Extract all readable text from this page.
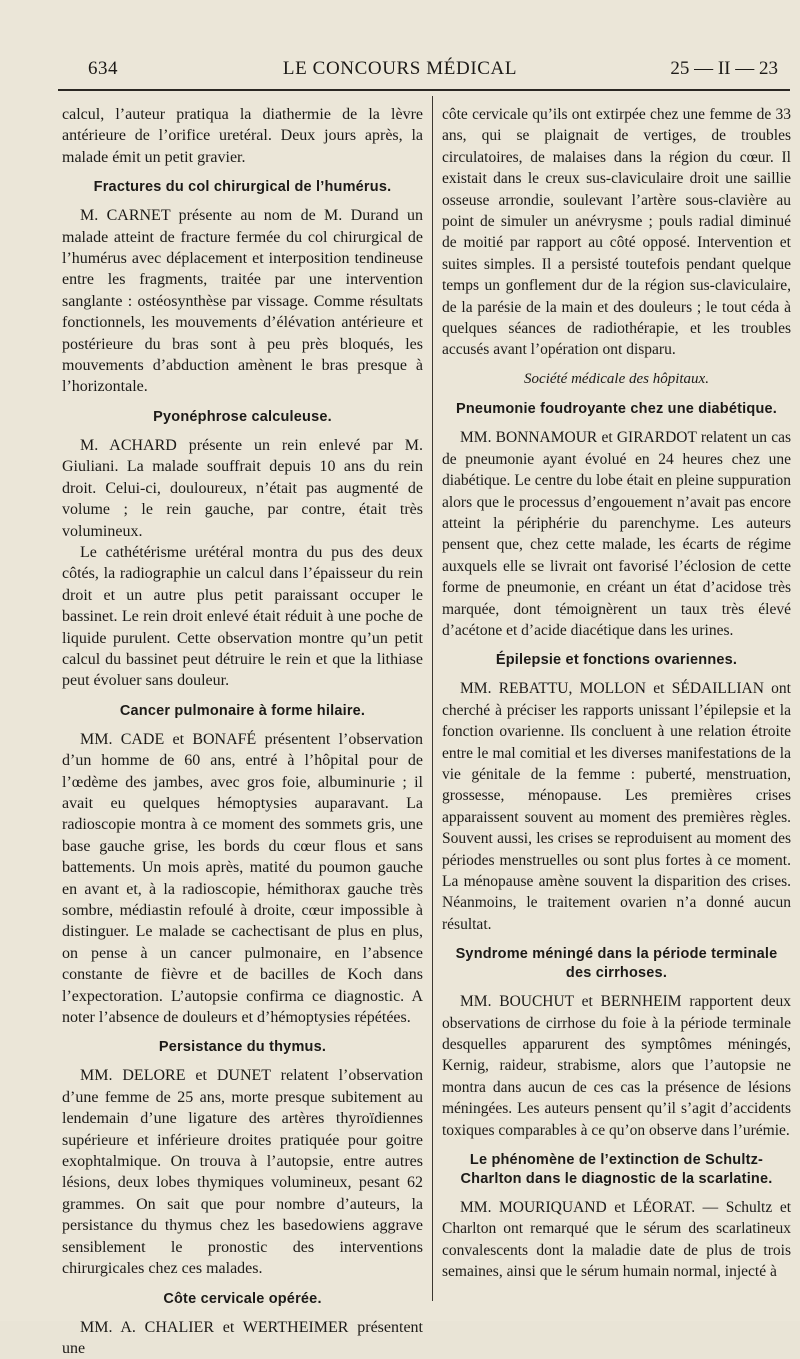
634	LE CONCOURS MÉDICAL	25 — II — 23

calcul, l’auteur pratiqua la diathermie de la lèvre antérieure de l’orifice uretéral. Deux jours après, la malade émit un petit gravier.

Fractures du col chirurgical de l’humérus.

M. CARNET présente au nom de M. Durand un malade atteint de fracture fermée du col chirurgical de l’humérus avec déplacement et interposition tendineuse entre les fragments, traitée par une intervention sanglante : ostéosynthèse par vissage. Comme résultats fonctionnels, les mouvements d’élévation antérieure et postérieure du bras sont à peu près bloqués, les mouvements d’abduction amènent le bras presque à l’horizontale.

Pyonéphrose calculeuse.

M. ACHARD présente un rein enlevé par M. Giuliani. La malade souffrait depuis 10 ans du rein droit. Celui-ci, douloureux, n’était pas augmenté de volume ; le rein gauche, par contre, était très volumineux.

Le cathétérisme urétéral montra du pus des deux côtés, la radiographie un calcul dans l’épaisseur du rein droit et un autre plus petit paraissant occuper le bassinet. Le rein droit enlevé était réduit à une poche de liquide purulent. Cette observation montre qu’un petit calcul du bassinet peut détruire le rein et que la lithiase peut évoluer sans douleur.

Cancer pulmonaire à forme hilaire.

MM. CADE et BONAFÉ présentent l’observation d’un homme de 60 ans, entré à l’hôpital pour de l’œdème des jambes, avec gros foie, albuminurie ; il avait eu quelques hémoptysies auparavant. La radioscopie montra à ce moment des sommets gris, une base gauche grise, les bords du cœur flous et sans battements. Un mois après, matité du poumon gauche en avant et, à la radioscopie, hémithorax gauche très sombre, médiastin refoulé à droite, cœur impossible à distinguer. Le malade se cachectisant de plus en plus, on pense à un cancer pulmonaire, en l’absence constante de fièvre et de bacilles de Koch dans l’expectoration. L’autopsie confirma ce diagnostic. A noter l’absence de douleurs et d’hémoptysies répétées.

Persistance du thymus.

MM. DELORE et DUNET relatent l’observation d’une femme de 25 ans, morte presque subitement au lendemain d’une ligature des artères thyroïdiennes supérieure et inférieure droites pratiquée pour goitre exophtalmique. On trouva à l’autopsie, entre autres lésions, deux lobes thymiques volumineux, pesant 62 grammes. On sait que pour nombre d’auteurs, la persistance du thymus chez les basedowiens aggrave sensiblement le pronostic des interventions chirurgicales chez ces malades.

Côte cervicale opérée.

MM. A. CHALIER et WERTHEIMER présentent une

côte cervicale qu’ils ont extirpée chez une femme de 33 ans, qui se plaignait de vertiges, de troubles circulatoires, de malaises dans la région du cœur. Il existait dans le creux sus-claviculaire droit une saillie osseuse arrondie, soulevant l’artère sous-clavière au point de simuler un anévrysme ; pouls radial diminué de moitié par rapport au côté opposé. Intervention et suites simples. Il a persisté toutefois pendant quelque temps un gonflement dur de la région sus-claviculaire, de la parésie de la main et des douleurs ; le tout céda à quelques séances de radiothérapie, et les troubles accusés avant l’opération ont disparu.

Société médicale des hôpitaux.
Pneumonie foudroyante chez une diabétique.

MM. BONNAMOUR et GIRARDOT relatent un cas de pneumonie ayant évolué en 24 heures chez une diabétique. Le centre du lobe était en pleine suppuration alors que le processus d’engouement n’avait pas encore atteint la périphérie du parenchyme. Les auteurs pensent que, chez cette malade, les écarts de régime auxquels elle se livrait ont favorisé l’éclosion de cette forme de pneumonie, en créant un état d’acidose très marquée, dont témoignèrent un taux très élevé d’acétone et d’acide diacétique dans les urines.

Épilepsie et fonctions ovariennes.

MM. REBATTU, MOLLON et SÉDAILLIAN ont cherché à préciser les rapports unissant l’épilepsie et la fonction ovarienne. Ils concluent à une relation étroite entre le mal comitial et les diverses manifestations de la vie génitale de la femme : puberté, menstruation, grossesse, ménopause. Les premières crises apparaissent souvent au moment des premières règles. Souvent aussi, les crises se reproduisent au moment des périodes menstruelles ou sont plus fortes à ce moment. La ménopause amène souvent la disparition des crises. Néanmoins, le traitement ovarien n’a donné aucun résultat.

Syndrome méningé dans la période terminale des cirrhoses.

MM. BOUCHUT et BERNHEIM rapportent deux observations de cirrhose du foie à la période terminale desquelles apparurent des symptômes méningés, Kernig, raideur, strabisme, alors que l’autopsie ne montra dans aucun de ces cas la présence de lésions méningées. Les auteurs pensent qu’il s’agit d’accidents toxiques comparables à ce qu’on observe dans l’urémie.

Le phénomène de l’extinction de Schultz-Charlton dans le diagnostic de la scarlatine.

MM. MOURIQUAND et LÉORAT. — Schultz et Charlton ont remarqué que le sérum des scarlatineux convalescents dont la maladie date de plus de trois semaines, ainsi que le sérum humain normal, injecté à
